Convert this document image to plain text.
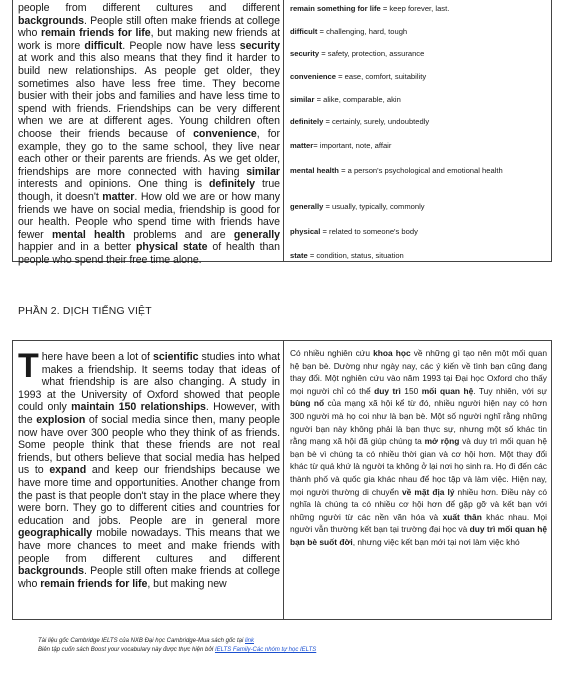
people from different cultures and different backgrounds. People still often make friends at college who remain friends for life, but making new friends at work is more difficult. People now have less security at work and this also means that they find it harder to build new relationships. As people get older, they sometimes also have less free time. They become busier with their jobs and families and have less time to spend with friends. Friendships can be very different when we are at different ages. Young children often choose their friends because of convenience, for example, they go to the same school, they live near each other or their parents are friends. As we get older, friendships are more connected with having similar interests and opinions. One thing is definitely true though, it doesn't matter. How old we are or how many friends we have on social media, friendship is good for our health. People who spend time with friends have fewer mental health problems and are generally happier and in a better physical state of health than people who spend their free time alone.

remain something for life = keep forever, last.
difficult = challenging, hard, tough
security = safety, protection, assurance
convenience = ease, comfort, suitability
similar = alike, comparable, akin
definitely = certainly, surely, undoubtedly
matter= important, note, affair
mental health = a person's psychological and emotional health
generally = usually, typically, commonly
physical = related to someone's body
state = condition, status, situation
PHẦN 2. DỊCH TIẾNG VIỆT

There have been a lot of scientific studies into what makes a friendship. It seems today that ideas of what friendship is are also changing. A study in 1993 at the University of Oxford showed that people could only maintain 150 relationships. However, with the explosion of social media since then, many people now have over 300 people who they think of as friends. Some people think that these friends are not real friends, but others believe that social media has helped us to expand and keep our friendships because we have more time and opportunities. Another change from the past is that people don't stay in the place where they were born. They go to different cities and countries for education and jobs. People are in general more geographically mobile nowadays. This means that we have more chances to meet and make friends with people from different cultures and different backgrounds. People still often make friends at college who remain friends for life, but making new

Có nhiều nghiên cứu khoa học về những gì tạo nên một mối quan hệ bạn bè. Dường như ngày nay, các ý kiến về tình bạn cũng đang thay đổi. Một nghiên cứu vào năm 1993 tại Đại học Oxford cho thấy mọi người chỉ có thể duy trì 150 mối quan hệ. Tuy nhiên, với sự bùng nổ của mạng xã hội kể từ đó, nhiều người hiện nay có hơn 300 người mà họ coi như là bạn bè. Một số người nghĩ rằng những người bạn này không phải là bạn thực sự, nhưng một số khác tin rằng mạng xã hội đã giúp chúng ta mở rộng và duy trì mối quan hệ bạn bè vì chúng ta có nhiều thời gian và cơ hội hơn. Một thay đổi khác từ quá khứ là người ta không ở lại nơi họ sinh ra. Họ đi đến các thành phố và quốc gia khác nhau để học tập và làm việc. Hiện nay, mọi người thường di chuyển về mặt địa lý nhiều hơn. Điều này có nghĩa là chúng ta có nhiều cơ hội hơn để gặp gỡ và kết bạn với những người từ các nền văn hóa và xuất thân khác nhau. Mọi người vẫn thường kết bạn tại trường đại học và duy trì mối quan hệ bạn bè suốt đời, nhưng việc kết bạn mới tại nơi làm việc khó

Tài liệu gốc Cambridge IELTS của NXB Đại học Cambridge-Mua sách gốc tại link
Biên tập cuốn sách Boost your vocabulary này được thực hiện bởi IELTS Family-Các nhóm tự học IELTS
